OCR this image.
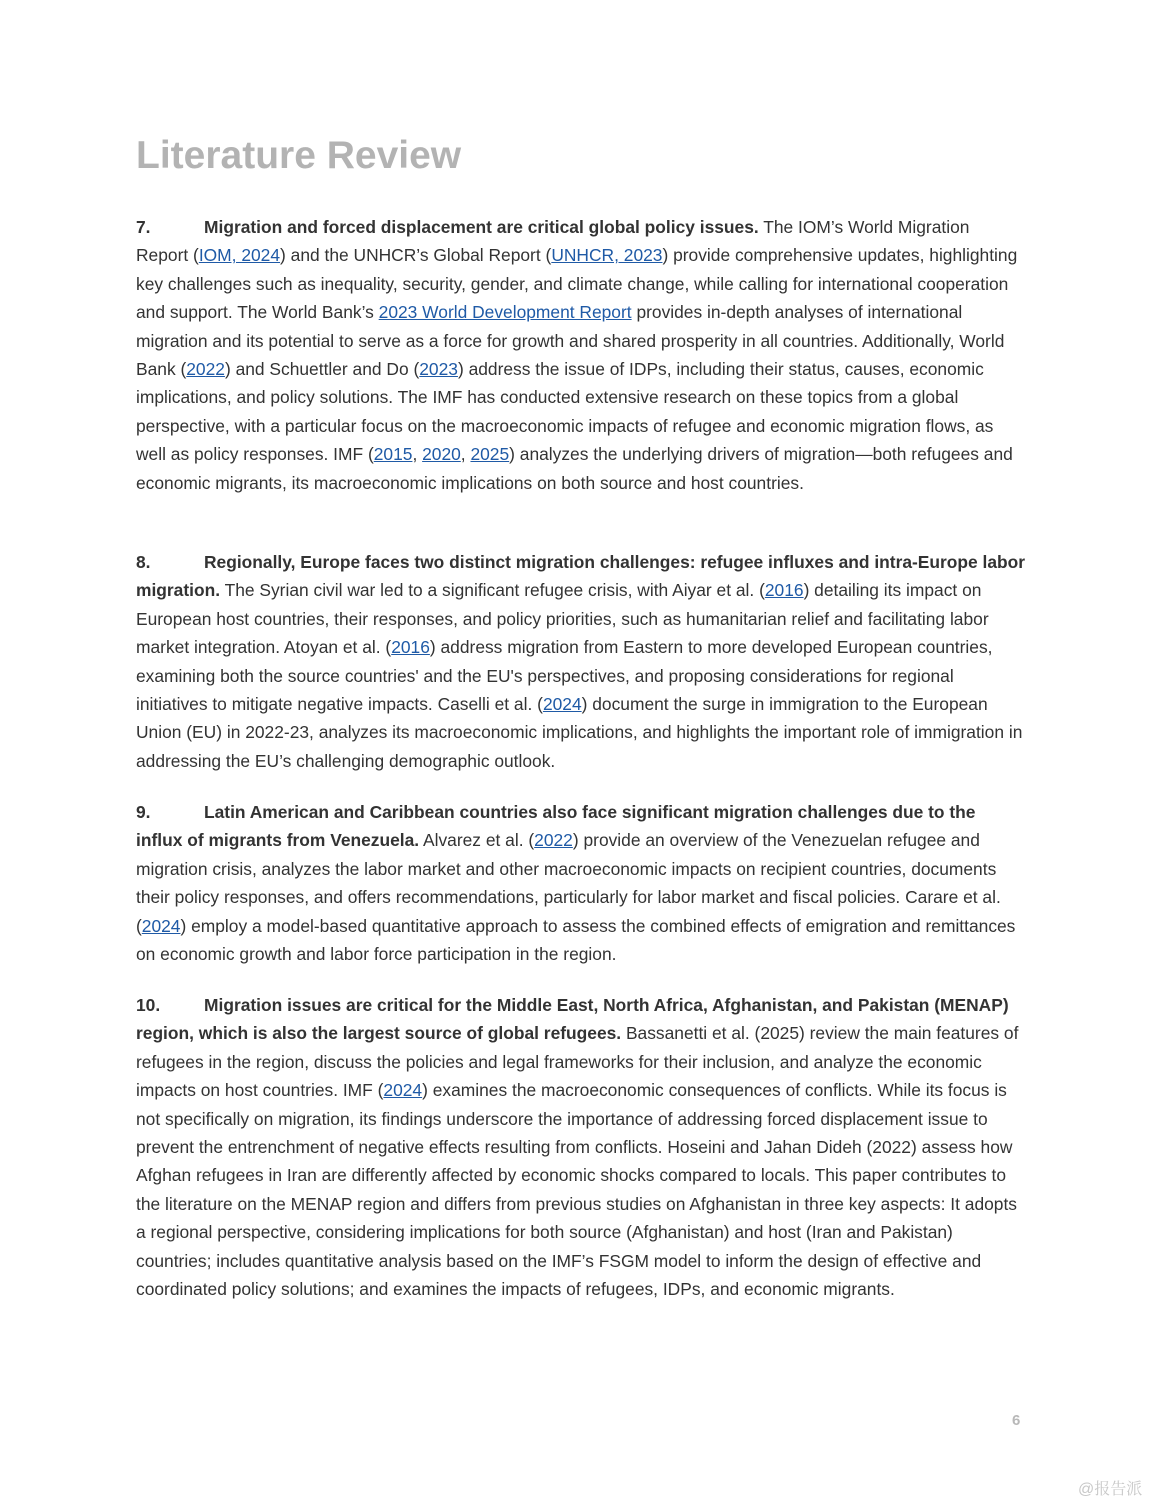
Literature Review

7.	Migration and forced displacement are critical global policy issues. The IOM’s World Migration Report (IOM, 2024) and the UNHCR’s Global Report (UNHCR, 2023) provide comprehensive updates, highlighting key challenges such as inequality, security, gender, and climate change, while calling for international cooperation and support. The World Bank’s 2023 World Development Report provides in-depth analyses of international migration and its potential to serve as a force for growth and shared prosperity in all countries. Additionally, World Bank (2022) and Schuettler and Do (2023) address the issue of IDPs, including their status, causes, economic implications, and policy solutions. The IMF has conducted extensive research on these topics from a global perspective, with a particular focus on the macroeconomic impacts of refugee and economic migration flows, as well as policy responses. IMF (2015, 2020, 2025) analyzes the underlying drivers of migration—both refugees and economic migrants, its macroeconomic implications on both source and host countries.

8.	Regionally, Europe faces two distinct migration challenges: refugee influxes and intra-Europe labor migration. The Syrian civil war led to a significant refugee crisis, with Aiyar et al. (2016) detailing its impact on European host countries, their responses, and policy priorities, such as humanitarian relief and facilitating labor market integration. Atoyan et al. (2016) address migration from Eastern to more developed European countries, examining both the source countries' and the EU's perspectives, and proposing considerations for regional initiatives to mitigate negative impacts. Caselli et al. (2024) document the surge in immigration to the European Union (EU) in 2022-23, analyzes its macroeconomic implications, and highlights the important role of immigration in addressing the EU’s challenging demographic outlook.

9.	Latin American and Caribbean countries also face significant migration challenges due to the influx of migrants from Venezuela. Alvarez et al. (2022) provide an overview of the Venezuelan refugee and migration crisis, analyzes the labor market and other macroeconomic impacts on recipient countries, documents their policy responses, and offers recommendations, particularly for labor market and fiscal policies. Carare et al. (2024) employ a model-based quantitative approach to assess the combined effects of emigration and remittances on economic growth and labor force participation in the region.

10.	Migration issues are critical for the Middle East, North Africa, Afghanistan, and Pakistan (MENAP) region, which is also the largest source of global refugees. Bassanetti et al. (2025) review the main features of refugees in the region, discuss the policies and legal frameworks for their inclusion, and analyze the economic impacts on host countries. IMF (2024) examines the macroeconomic consequences of conflicts. While its focus is not specifically on migration, its findings underscore the importance of addressing forced displacement issue to prevent the entrenchment of negative effects resulting from conflicts. Hoseini and Jahan Dideh (2022) assess how Afghan refugees in Iran are differently affected by economic shocks compared to locals. This paper contributes to the literature on the MENAP region and differs from previous studies on Afghanistan in three key aspects: It adopts a regional perspective, considering implications for both source (Afghanistan) and host (Iran and Pakistan) countries; includes quantitative analysis based on the IMF’s FSGM model to inform the design of effective and coordinated policy solutions; and examines the impacts of refugees, IDPs, and economic migrants.

6
@报告派
